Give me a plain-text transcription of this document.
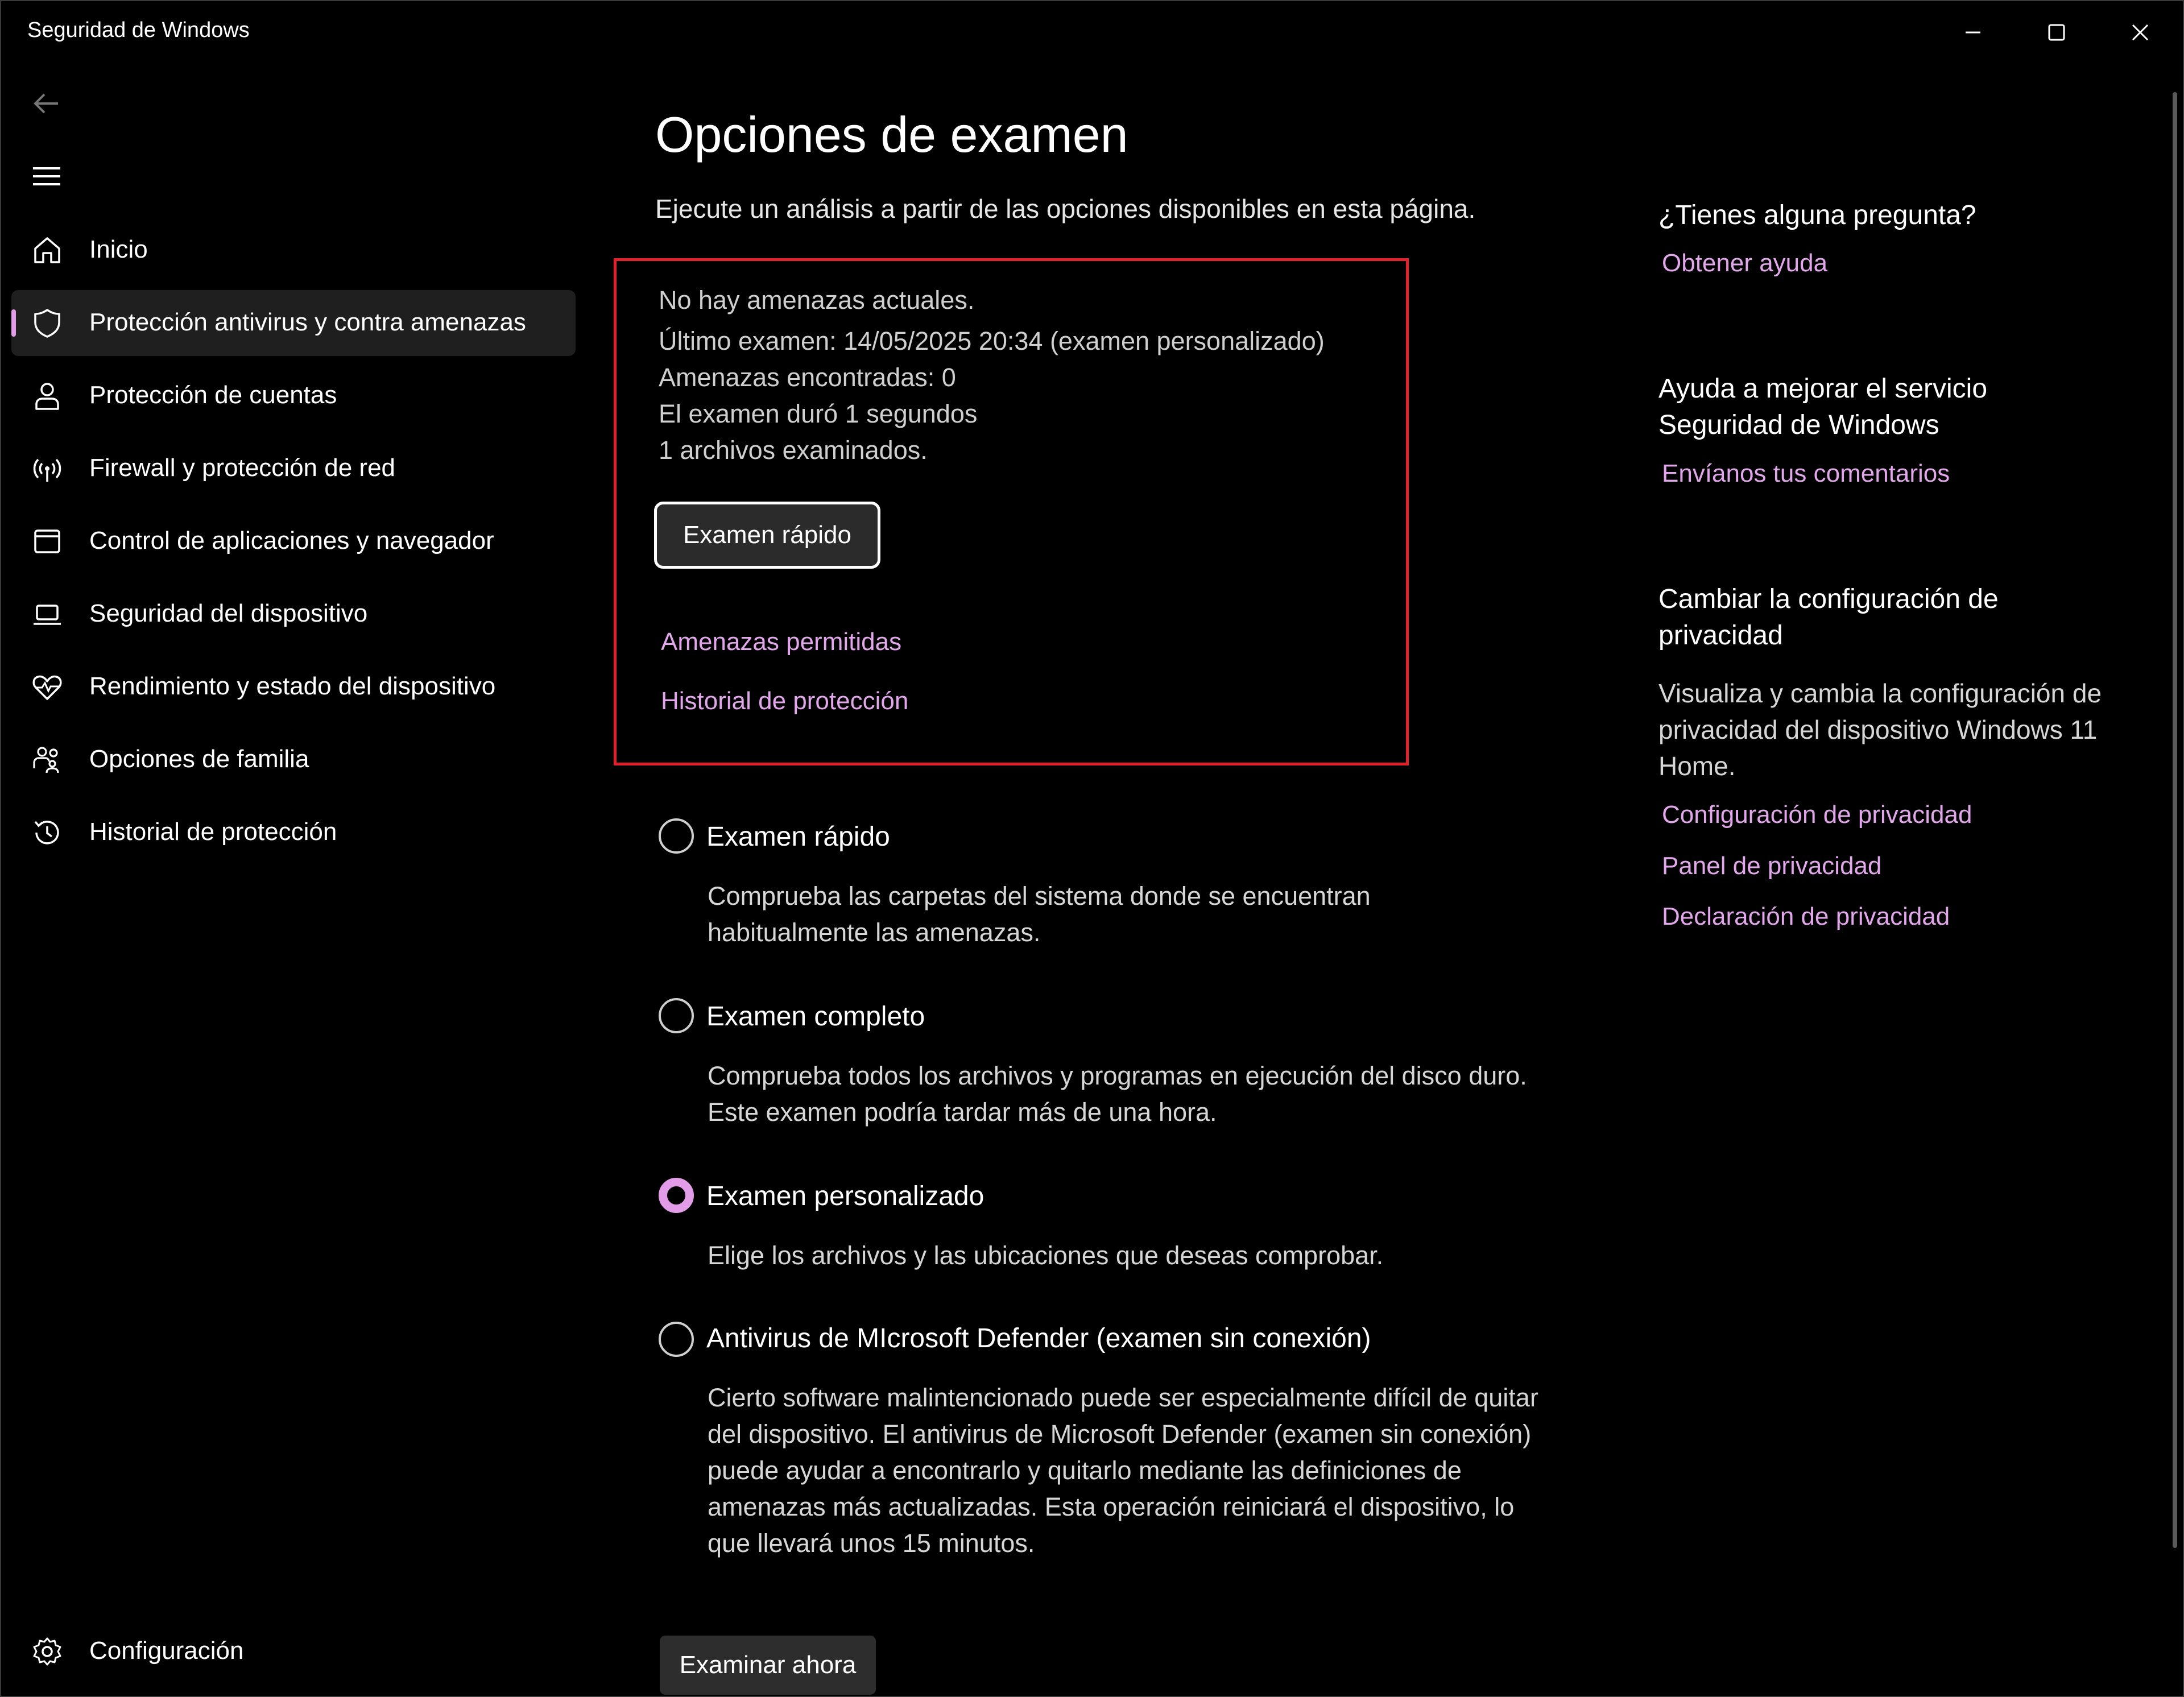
Seguridad de Windows
Inicio
Protección antivirus y contra amenazas
Protección de cuentas
Firewall y protección de red
Control de aplicaciones y navegador
Seguridad del dispositivo
Rendimiento y estado del dispositivo
Opciones de familia
Historial de protección
Configuración
Opciones de examen
Ejecute un análisis a partir de las opciones disponibles en esta página.
No hay amenazas actuales.
Último examen: 14/05/2025 20:34 (examen personalizado)
Amenazas encontradas: 0
El examen duró 1 segundos
1 archivos examinados.
Examen rápido
Amenazas permitidas
Historial de protección
Examen rápido
Comprueba las carpetas del sistema donde se encuentran habitualmente las amenazas.
Examen completo
Comprueba todos los archivos y programas en ejecución del disco duro. Este examen podría tardar más de una hora.
Examen personalizado
Elige los archivos y las ubicaciones que deseas comprobar.
Antivirus de MIcrosoft Defender (examen sin conexión)
Cierto software malintencionado puede ser especialmente difícil de quitar del dispositivo. El antivirus de Microsoft Defender (examen sin conexión) puede ayudar a encontrarlo y quitarlo mediante las definiciones de amenazas más actualizadas. Esta operación reiniciará el dispositivo, lo que llevará unos 15 minutos.
Examinar ahora
¿Tienes alguna pregunta?
Obtener ayuda
Ayuda a mejorar el servicio Seguridad de Windows
Envíanos tus comentarios
Cambiar la configuración de privacidad
Visualiza y cambia la configuración de privacidad del dispositivo Windows 11 Home.
Configuración de privacidad
Panel de privacidad
Declaración de privacidad
